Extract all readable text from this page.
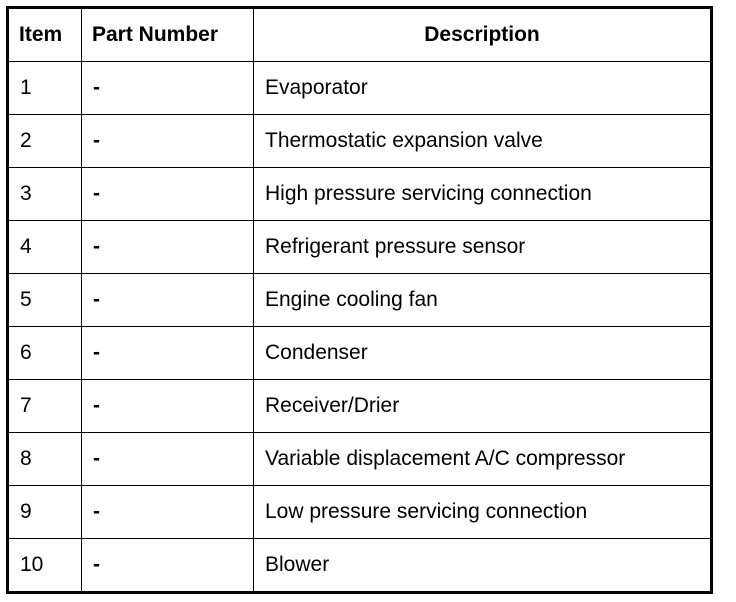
Item	Part Number	Description
1	-	Evaporator
2	-	Thermostatic expansion valve
3	-	High pressure servicing connection
4	-	Refrigerant pressure sensor
5	-	Engine cooling fan
6	-	Condenser
7	-	Receiver/Drier
8	-	Variable displacement A/C compressor
9	-	Low pressure servicing connection
10	-	Blower
